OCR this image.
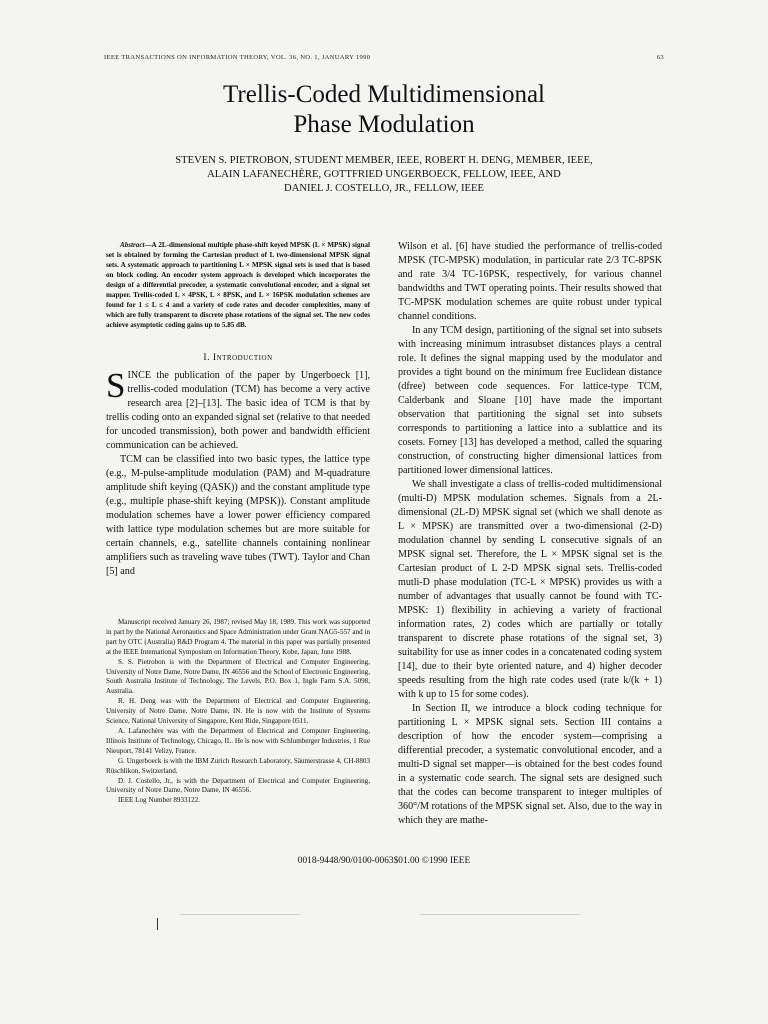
IEEE TRANSACTIONS ON INFORMATION THEORY, VOL. 36, NO. 1, JANUARY 1990	63
Trellis-Coded Multidimensional
Phase Modulation
STEVEN S. PIETROBON, STUDENT MEMBER, IEEE, ROBERT H. DENG, MEMBER, IEEE,
ALAIN LAFANECHÈRE, GOTTFRIED UNGERBOECK, FELLOW, IEEE, AND
DANIEL J. COSTELLO, JR., FELLOW, IEEE

Abstract—A 2L-dimensional multiple phase-shift keyed MPSK (L × MPSK) signal set is obtained by forming the Cartesian product of L two-dimensional MPSK signal sets. A systematic approach to partitioning L × MPSK signal sets is used that is based on block coding. An encoder system approach is developed which incorporates the design of a differential precoder, a systematic convolutional encoder, and a signal set mapper. Trellis-coded L × 4PSK, L × 8PSK, and L × 16PSK modulation schemes are found for 1 ≤ L ≤ 4 and a variety of code rates and decoder complexities, many of which are fully transparent to discrete phase rotations of the signal set. The new codes achieve asymptotic coding gains up to 5.85 dB.

I. Introduction

SINCE the publication of the paper by Ungerboeck [1], trellis-coded modulation (TCM) has become a very active research area [2]–[13]. The basic idea of TCM is that by trellis coding onto an expanded signal set (relative to that needed for uncoded transmission), both power and bandwidth efficient communication can be achieved.

TCM can be classified into two basic types, the lattice type (e.g., M-pulse-amplitude modulation (PAM) and M-quadrature amplitude shift keying (QASK)) and the constant amplitude type (e.g., multiple phase-shift keying (MPSK)). Constant amplitude modulation schemes have a lower power efficiency compared with lattice type modulation schemes but are more suitable for certain channels, e.g., satellite channels containing nonlinear amplifiers such as traveling wave tubes (TWT). Taylor and Chan [5] and

Manuscript received January 26, 1987; revised May 18, 1989. This work was supported in part by the National Aeronautics and Space Administration under Grant NAG5-557 and in part by OTC (Australia) R&D Program 4. The material in this paper was partially presented at the IEEE International Symposium on Information Theory, Kobe, Japan, June 1988.

S. S. Pietrobon is with the Department of Electrical and Computer Engineering, University of Notre Dame, Notre Dame, IN 46556 and the School of Electronic Engineering, South Australia Institute of Technology, The Levels, P.O. Box 1, Ingle Farm S.A. 5098, Australia.

R. H. Deng was with the Department of Electrical and Computer Engineering, University of Notre Dame, Notre Dame, IN. He is now with the Institute of Systems Science, National University of Singapore, Kent Ride, Singapore 0511.

A. Lafanechère was with the Department of Electrical and Computer Engineering, Illinois Institute of Technology, Chicago, IL. He is now with Schlumberger Industries, 1 Rue Nieuport, 78141 Velizy, France.

G. Ungerboeck is with the IBM Zurich Research Laboratory, Säumerstrasse 4, CH-8803 Rüschlikon, Switzerland.

D. J. Costello, Jr., is with the Department of Electrical and Computer Engineering, University of Notre Dame, Notre Dame, IN 46556.

IEEE Log Number 8933122.

Wilson et al. [6] have studied the performance of trellis-coded MPSK (TC-MPSK) modulation, in particular rate 2/3 TC-8PSK and rate 3/4 TC-16PSK, respectively, for various channel bandwidths and TWT operating points. Their results showed that TC-MPSK modulation schemes are quite robust under typical channel conditions.

In any TCM design, partitioning of the signal set into subsets with increasing minimum intrasubset distances plays a central role. It defines the signal mapping used by the modulator and provides a tight bound on the minimum free Euclidean distance (dfree) between code sequences. For lattice-type TCM, Calderbank and Sloane [10] have made the important observation that partitioning the signal set into subsets corresponds to partitioning a lattice into a sublattice and its cosets. Forney [13] has developed a method, called the squaring construction, of constructing higher dimensional lattices from partitioned lower dimensional lattices.

We shall investigate a class of trellis-coded multidimensional (multi-D) MPSK modulation schemes. Signals from a 2L-dimensional (2L-D) MPSK signal set (which we shall denote as L × MPSK) are transmitted over a two-dimensional (2-D) modulation channel by sending L consecutive signals of an MPSK signal set. Therefore, the L × MPSK signal set is the Cartesian product of L 2-D MPSK signal sets. Trellis-coded mutli-D phase modulation (TC-L × MPSK) provides us with a number of advantages that usually cannot be found with TC-MPSK: 1) flexibility in achieving a variety of fractional information rates, 2) codes which are partially or totally transparent to discrete phase rotations of the signal set, 3) suitability for use as inner codes in a concatenated coding system [14], due to their byte oriented nature, and 4) higher decoder speeds resulting from the high rate codes used (rate k/(k + 1) with k up to 15 for some codes).

In Section II, we introduce a block coding technique for partitioning L × MPSK signal sets. Section III contains a description of how the encoder system—comprising a differential precoder, a systematic convolutional encoder, and a multi-D signal set mapper—is obtained for the best codes found in a systematic code search. The signal sets are designed such that the codes can become transparent to integer multiples of 360°/M rotations of the MPSK signal set. Also, due to the way in which they are mathe-

0018-9448/90/0100-0063$01.00 ©1990 IEEE
